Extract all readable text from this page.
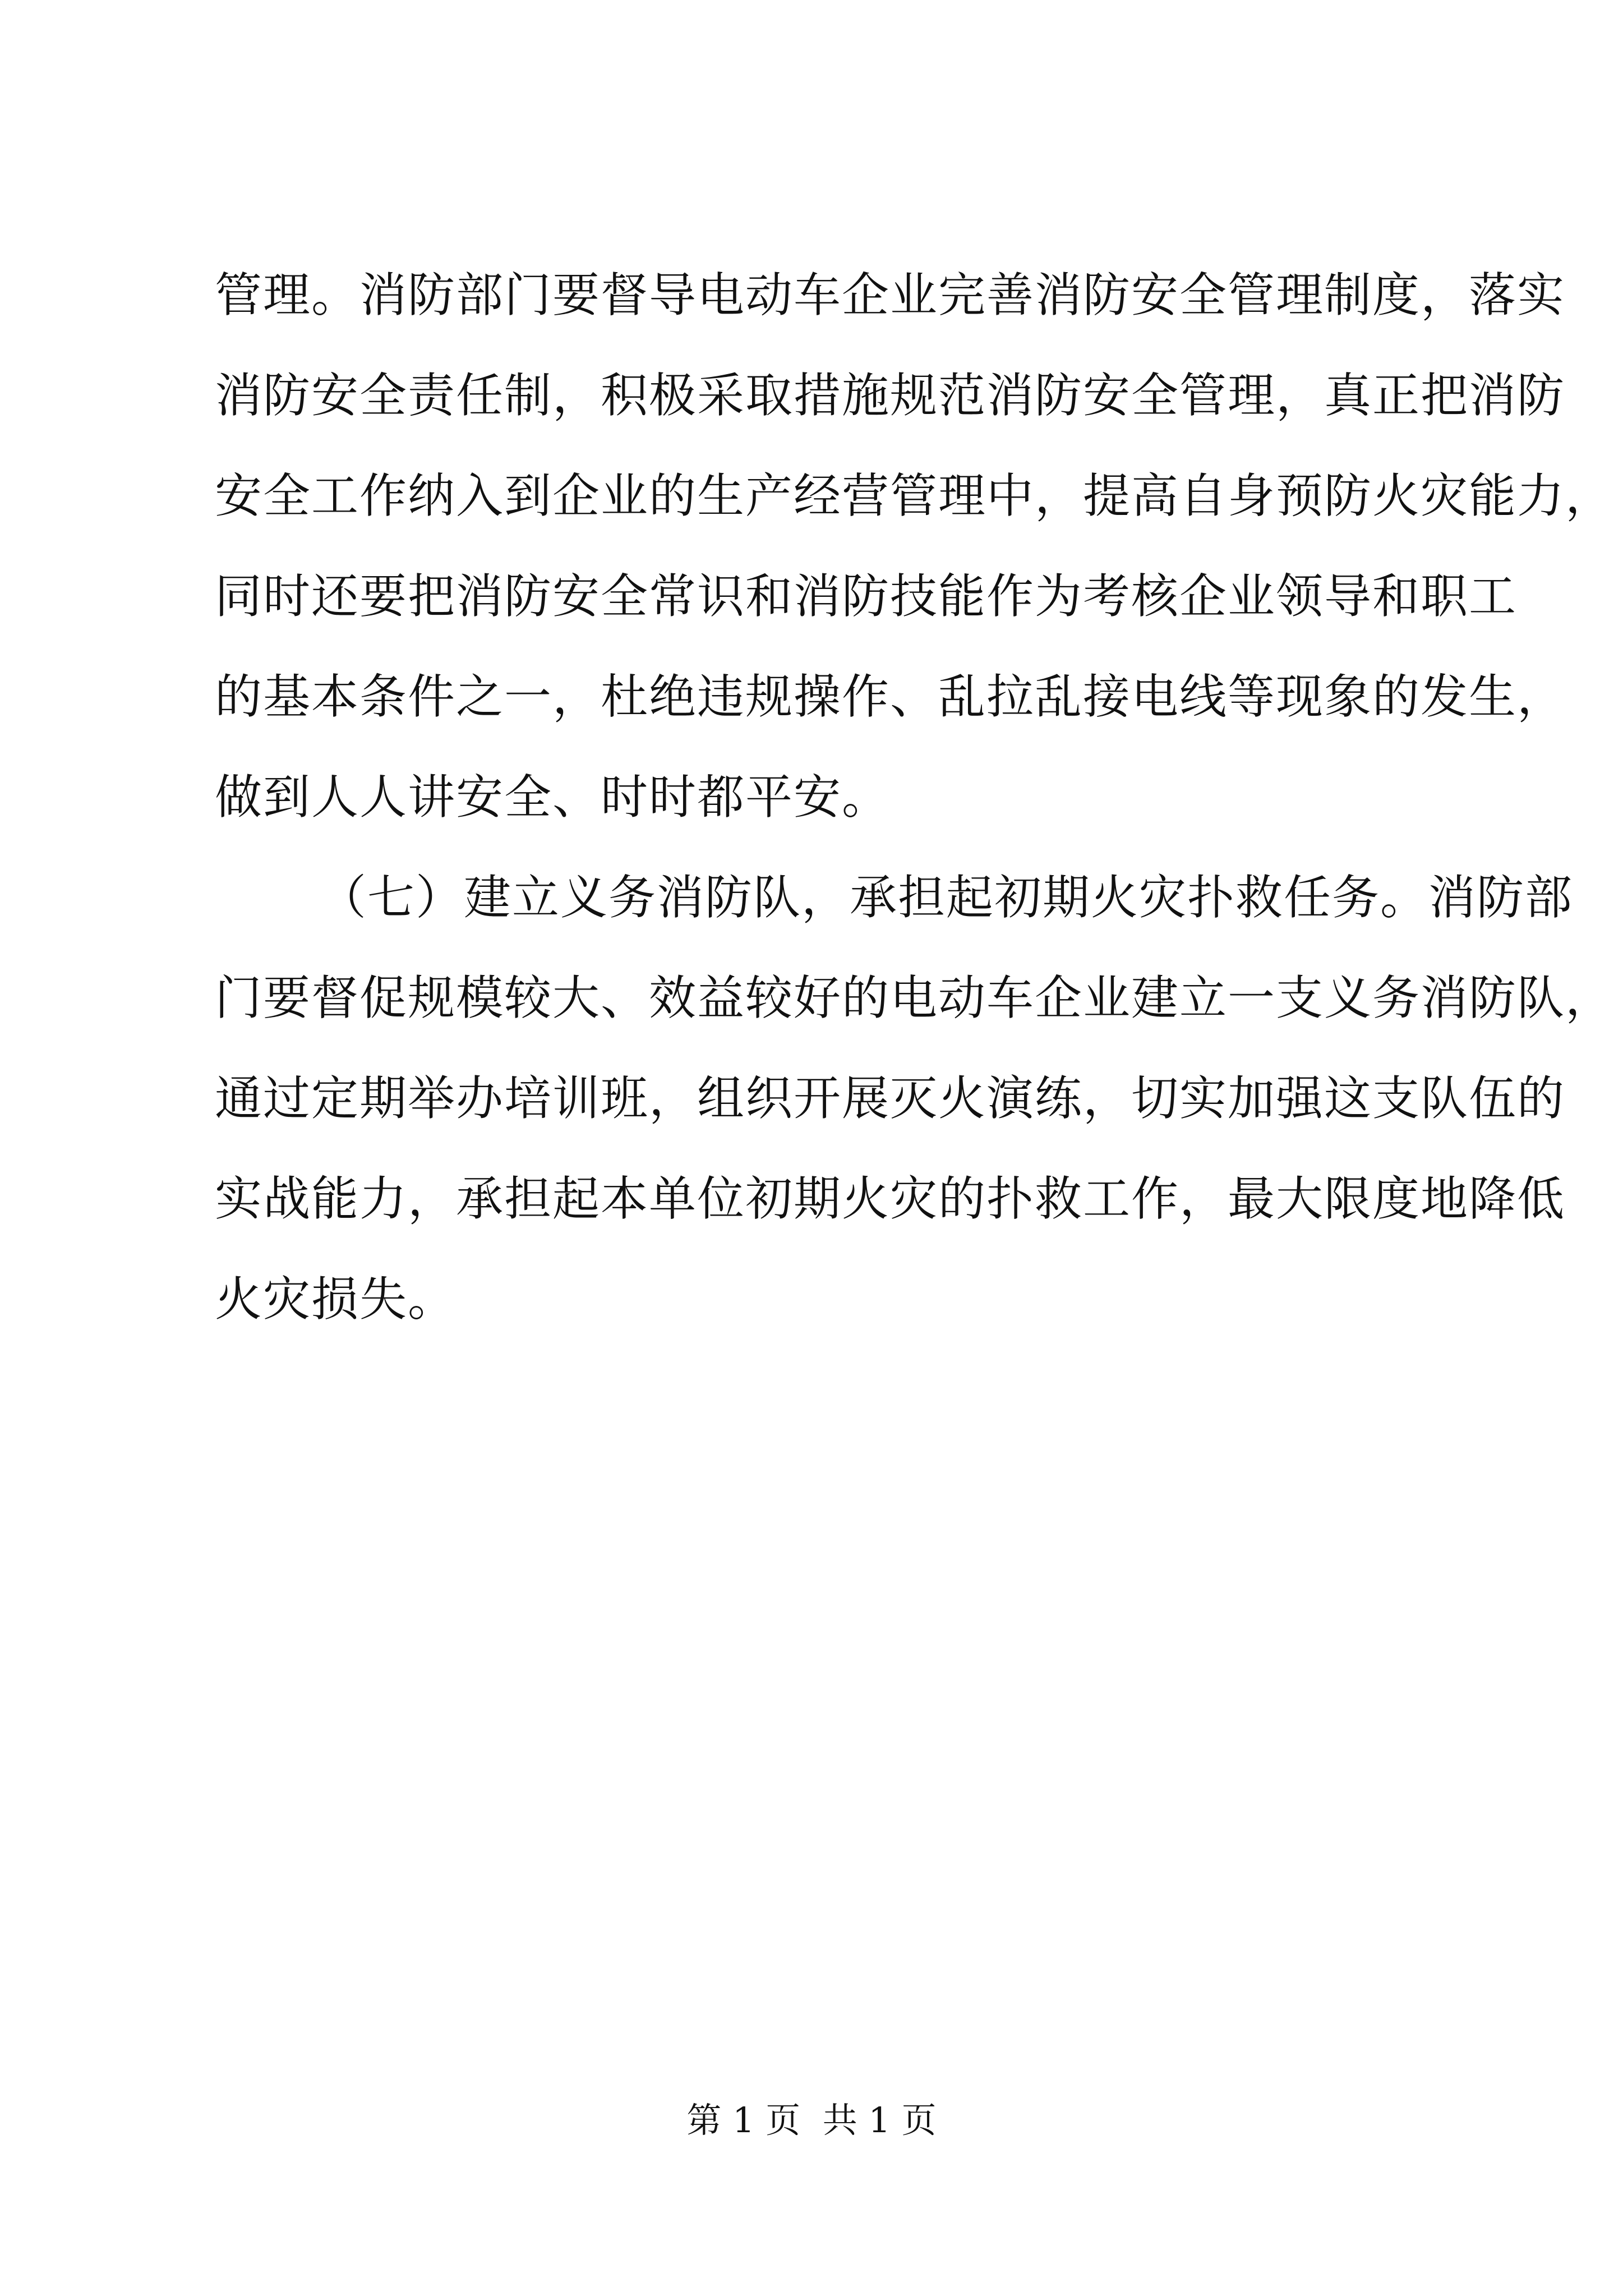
管理。消防部门要督导电动车企业完善消防安全管理制度，落实
消防安全责任制，积极采取措施规范消防安全管理，真正把消防
安全工作纳入到企业的生产经营管理中，提高自身预防火灾能力，
同时还要把消防安全常识和消防技能作为考核企业领导和职工
的基本条件之一，杜绝违规操作、乱拉乱接电线等现象的发生，
做到人人讲安全、时时都平安。
（七）建立义务消防队，承担起初期火灾扑救任务。消防部
门要督促规模较大、效益较好的电动车企业建立一支义务消防队，
通过定期举办培训班，组织开展灭火演练，切实加强这支队伍的
实战能力，承担起本单位初期火灾的扑救工作，最大限度地降低
火灾损失。
第 1 页  共 1 页
